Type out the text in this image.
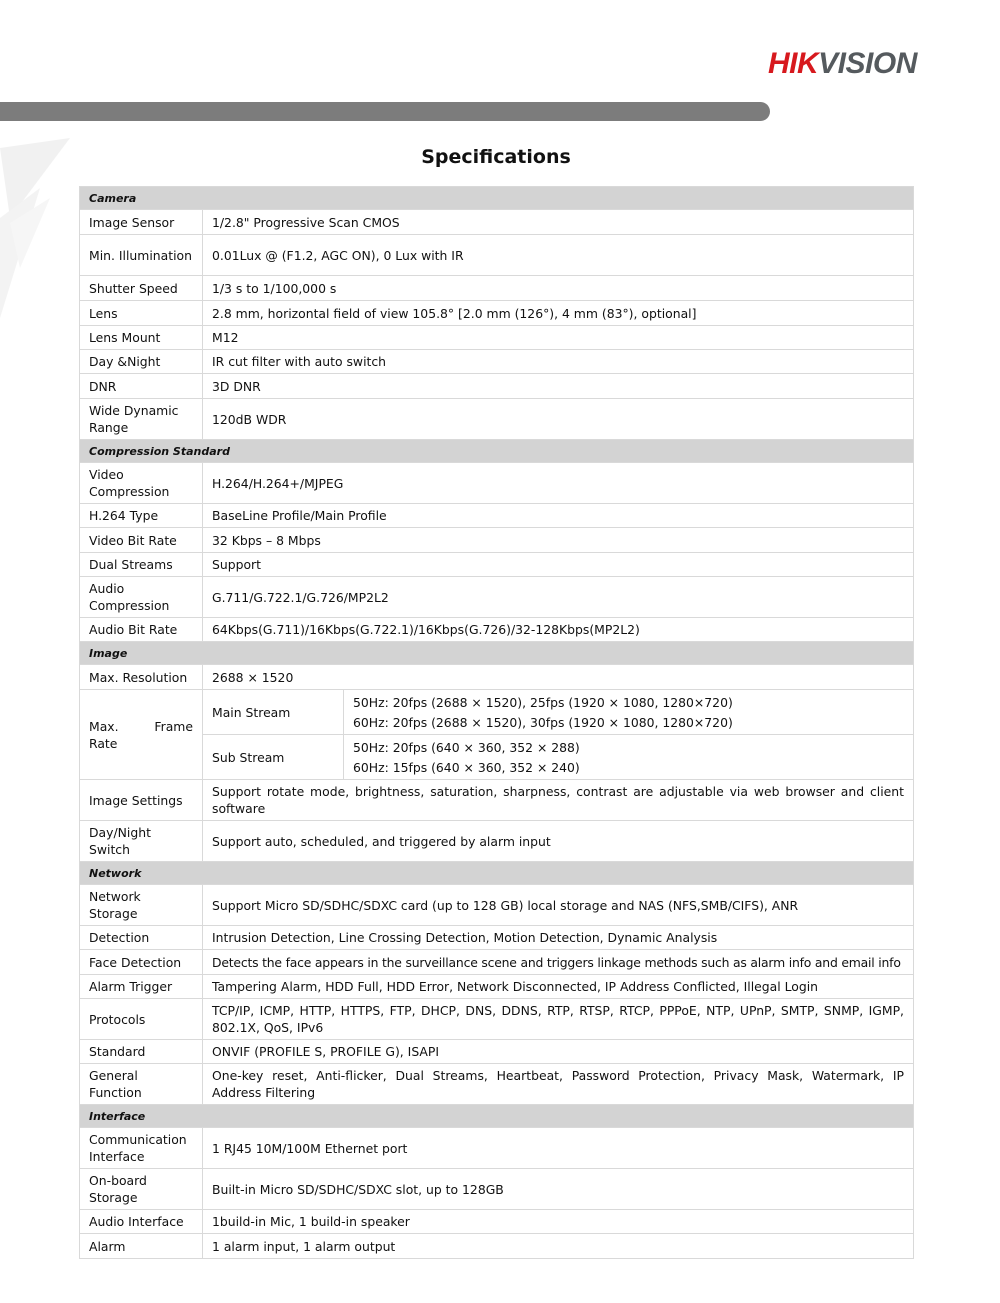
HIKVISION
Specifications
Camera		
Image Sensor	1/2.8" Progressive Scan CMOS	
Min. Illumination	0.01Lux @ (F1.2, AGC ON), 0 Lux with IR	
Shutter Speed	1/3 s to 1/100,000 s	
Lens	2.8 mm, horizontal field of view 105.8° [2.0 mm (126°), 4 mm (83°), optional]	
Lens Mount	M12	
Day &Night	IR cut filter with auto switch	
DNR	3D DNR	
Wide Dynamic Range	120dB WDR	
Compression Standard		
Video Compression	H.264/H.264+/MJPEG	
H.264 Type	BaseLine Profile/Main Profile	
Video Bit Rate	32 Kbps – 8 Mbps	
Dual Streams	Support	
Audio Compression	G.711/G.722.1/G.726/MP2L2	
Audio Bit Rate	64Kbps(G.711)/16Kbps(G.722.1)/16Kbps(G.726)/32-128Kbps(MP2L2)	
Image		
Max. Resolution	2688 × 1520	
Max. Frame Rate	Main Stream	50Hz: 20fps (2688 × 1520), 25fps (1920 × 1080, 1280×720)
60Hz: 20fps (2688 × 1520), 30fps (1920 × 1080, 1280×720)

	Sub Stream	50Hz: 20fps (640 × 360, 352 × 288)
60Hz: 15fps (640 × 360, 352 × 240)

Image Settings	Support rotate mode, brightness, saturation, sharpness, contrast are adjustable via web browser and client software	
Day/Night Switch	Support auto, scheduled, and triggered by alarm input	
Network		
Network Storage	Support Micro SD/SDHC/SDXC card (up to 128 GB) local storage and NAS (NFS,SMB/CIFS), ANR	
Detection	Intrusion Detection, Line Crossing Detection, Motion Detection, Dynamic Analysis	
Face Detection	Detects the face appears in the surveillance scene and triggers linkage methods such as alarm info and email info	
Alarm Trigger	Tampering Alarm, HDD Full, HDD Error, Network Disconnected, IP Address Conflicted, Illegal Login	
Protocols	TCP/IP, ICMP, HTTP, HTTPS, FTP, DHCP, DNS, DDNS, RTP, RTSP, RTCP, PPPoE, NTP, UPnP, SMTP, SNMP, IGMP, 802.1X, QoS, IPv6	
Standard	ONVIF (PROFILE S, PROFILE G), ISAPI	
General Function	One-key reset, Anti-flicker, Dual Streams, Heartbeat, Password Protection, Privacy Mask, Watermark, IP Address Filtering	
Interface		
Communication Interface	1 RJ45 10M/100M Ethernet port	
On-board Storage	Built-in Micro SD/SDHC/SDXC slot, up to 128GB	
Audio Interface	1build-in Mic, 1 build-in speaker	
Alarm	1 alarm input, 1 alarm output	
